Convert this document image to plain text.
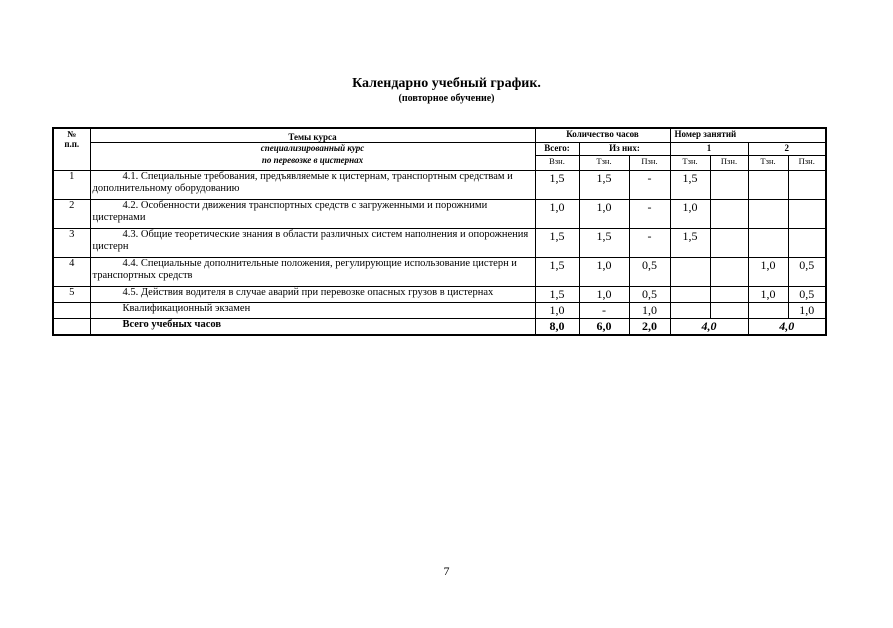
Календарно учебный график.
(повторное обучение)
№
п.п.	Темы курса	Количество часов			Номер занятий			
	специализированный курс	Всего:	Из них:		1		2	
	по перевозке в цистернах	Взн.	Тзн.	Пзн.	Тзн.	Пзн.	Тзн.	Пзн.
1	4.1. Специальные требования, предъявляемые к цистернам, транспортным средствам и дополнительному оборудованию	1,5	1,5	-	1,5			
2	4.2. Особенности движения транспортных средств с загруженными и порожними цистернами	1,0	1,0	-	1,0			
3	4.3. Общие теоретические знания в области различных систем наполнения и опорожнения цистерн	1,5	1,5	-	1,5			
4	4.4. Специальные дополнительные положения, регулирующие использование цистерн и транспортных средств	1,5	1,0	0,5			1,0	0,5
5	4.5. Действия водителя в случае аварий при перевозке опасных грузов в цистернах	1,5	1,0	0,5			1,0	0,5
	Квалификационный экзамен	1,0	-	1,0				1,0
	Всего учебных часов	8,0	6,0	2,0	4,0		4,0	
7
